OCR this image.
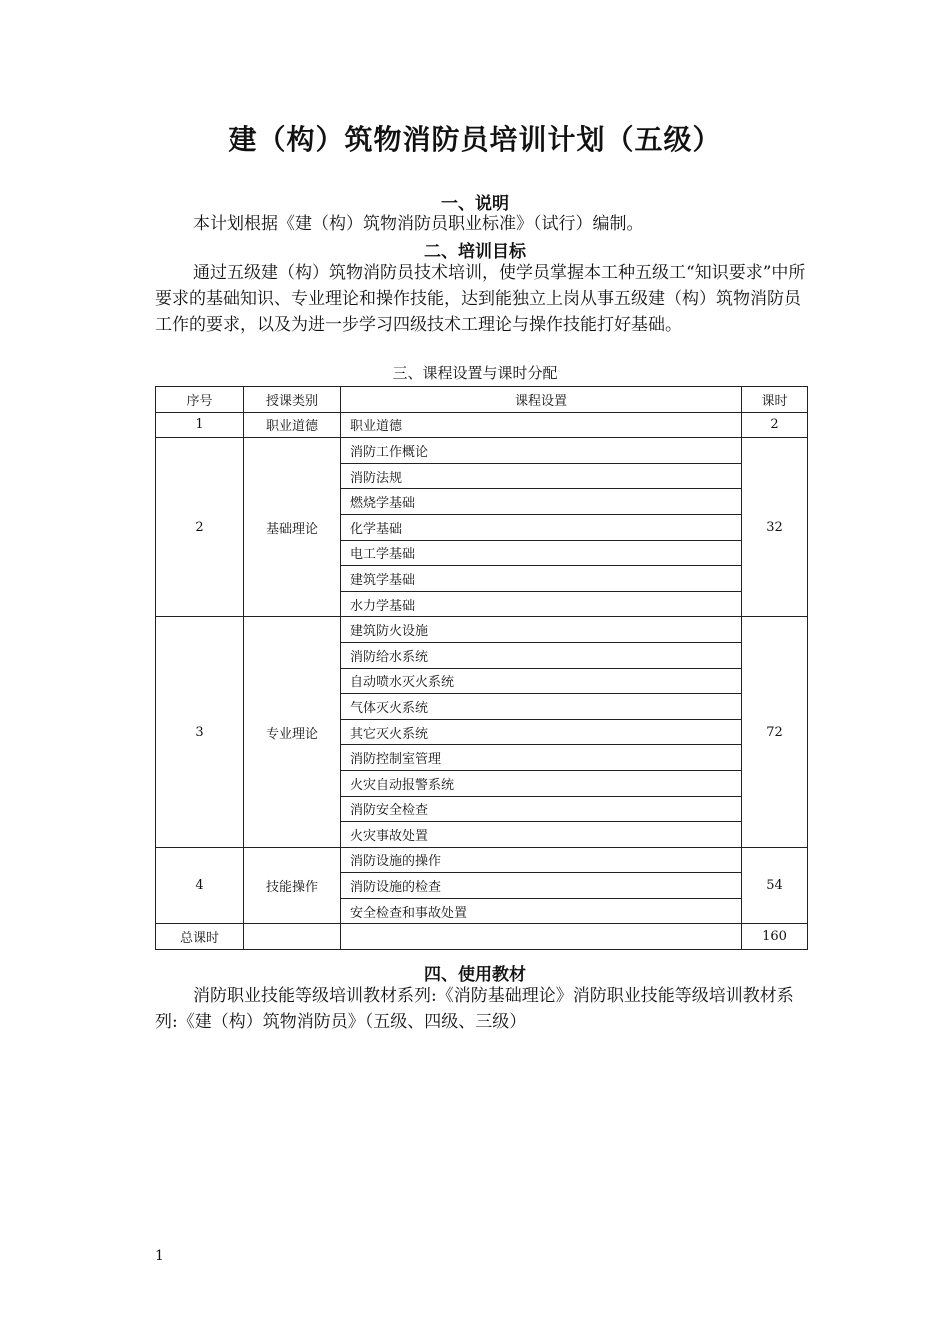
建（构）筑物消防员培训计划（五级）
一、说明
本计划根据《建（构）筑物消防员职业标准》（试行）编制。
二、培训目标
通过五级建（构）筑物消防员技术培训，使学员掌握本工种五级工“知识要求”中所要求的基础知识、专业理论和操作技能，达到能独立上岗从事五级建（构）筑物消防员工作的要求，以及为进一步学习四级技术工理论与操作技能打好基础。
三、课程设置与课时分配
序号	授课类别	课程设置	课时
1	职业道德	职业道德	2
2	基础理论	消防工作概论	32
		消防法规	
		燃烧学基础	
		化学基础	
		电工学基础	
		建筑学基础	
		水力学基础	
3	专业理论	建筑防火设施	72
		消防给水系统	
		自动喷水灭火系统	
		气体灭火系统	
		其它灭火系统	
		消防控制室管理	
		火灾自动报警系统	
		消防安全检查	
		火灾事故处置	
4	技能操作	消防设施的操作	54
		消防设施的检查	
		安全检查和事故处置	
总课时			160
四、使用教材
消防职业技能等级培训教材系列:《消防基础理论》消防职业技能等级培训教材系列:《建（构）筑物消防员》（五级、四级、三级）
1
